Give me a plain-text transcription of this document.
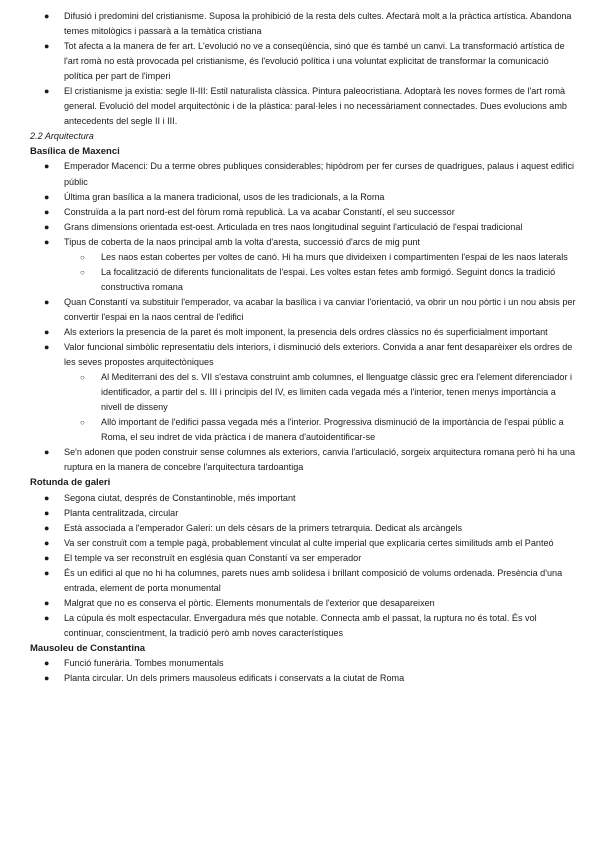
● Difusió i predomini del cristianisme. Suposa la prohibició de la resta dels cultes. Afectarà molt a la pràctica artística. Abandona temes mitològics i passarà a la temàtica cristiana

● Tot afecta a la manera de fer art. L'evolució no ve a conseqüència, sinó que és també un canvi. La transformació artística de l'art romà no està provocada pel cristianisme, és l'evolució política i una voluntat explicitat de transformar la comunicació política per part de l'imperi

● El cristianisme ja existia: segle II-III: Estil naturalista clàssica. Pintura paleocristiana. Adoptarà les noves formes de l'art romà general. Evolució del model arquitectònic i de la plàstica: paral·leles i no necessàriament connectades. Dues evolucions amb antecedents del segle II i III.

2.2 Arquitectura

Basílica de Maxenci

● Emperador Macenci: Du a terme obres publiques considerables; hipòdrom per fer curses de quadrigues, palaus i aquest edifici públic

● Última gran basílica a la manera tradicional, usos de les tradicionals, a la Roma

● Construïda a la part nord-est del fòrum romà republicà. La va acabar Constantí, el seu successor

● Grans dimensions orientada est-oest. Articulada en tres naos longitudinal seguint l'articulació de l'espai tradicional

● Tipus de coberta de la naos principal amb la volta d'aresta, successió d'arcs de mig punt

○ Les naos estan cobertes per voltes de canó. Hi ha murs que divideixen i compartimenten l'espai de les naos laterals

○ La focalització de diferents funcionalitats de l'espai. Les voltes estan fetes amb formigó. Seguint doncs la tradició constructiva romana

● Quan Constantí va substituir l'emperador, va acabar la basílica i va canviar l'orientació, va obrir un nou pòrtic i un nou absis per convertir l'espai en la naos central de l'edifici

● Als exteriors la presencia de la paret és molt imponent, la presencia dels ordres clàssics no és superficialment important

● Valor funcional simbòlic representatiu dels interiors, i disminució dels exteriors. Convida a anar fent desaparèixer els ordres de les seves propostes arquitectòniques

○ Al Mediterrani des del s. VII s'estava construint amb columnes, el llenguatge clàssic grec era l'element diferenciador i identificador, a partir del s. III i principis del IV, es limiten cada vegada més a l'interior, tenen menys importància a nivell de disseny

○ Allò important de l'edifici passa vegada més a l'interior. Progressiva disminució de la importància de l'espai públic a Roma, el seu indret de vida pràctica i de manera d'autoidentificar-se

● Se'n adonen que poden construir sense columnes als exteriors, canvia l'articulació, sorgeix arquitectura romana però hi ha una ruptura en la manera de concebre l'arquitectura tardoantiga

Rotunda de galeri

● Segona ciutat, després de Constantinoble, més important

● Planta centralitzada, circular

● Està associada a l'emperador Galeri: un dels cèsars de la primers tetrarquia. Dedicat als arcàngels

● Va ser construït com a temple pagà, probablement vinculat al culte imperial que explicaria certes similituds amb el Panteó

● El temple va ser reconstruït en església quan Constantí va ser emperador

● És un edifici al que no hi ha columnes, parets nues amb solidesa i brillant composició de volums ordenada. Presència d'una entrada, element de porta monumental

● Malgrat que no es conserva el pòrtic. Elements monumentals de l'exterior que desapareixen

● La cúpula és molt espectacular. Envergadura més que notable. Connecta amb el passat, la ruptura no és total. És vol continuar, conscientment, la tradició però amb noves característiques

Mausoleu de Constantina

● Funció funerària. Tombes monumentals

● Planta circular. Un dels primers mausoleus edificats i conservats a la ciutat de Roma
